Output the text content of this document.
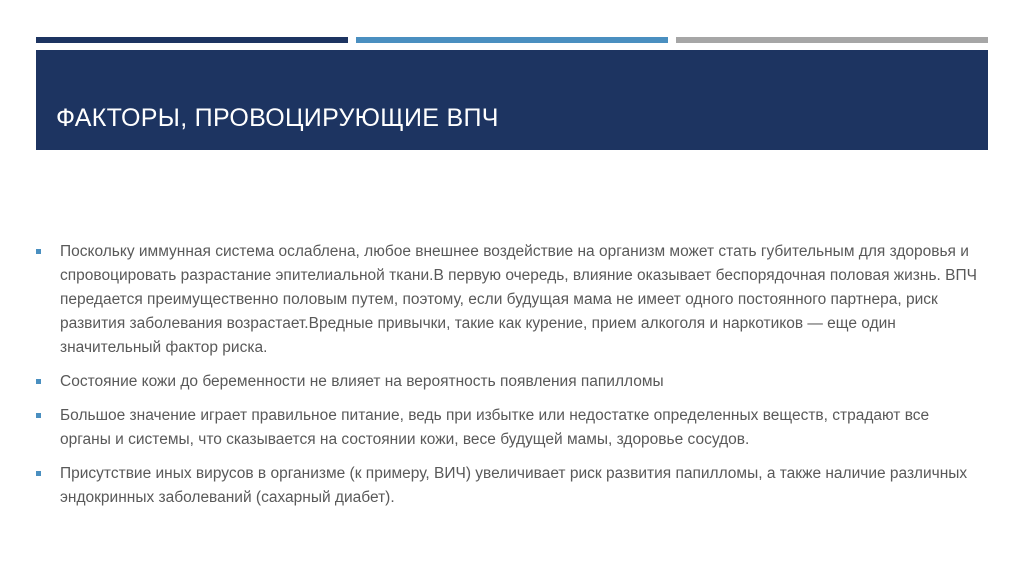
ФАКТОРЫ, ПРОВОЦИРУЮЩИЕ ВПЧ
Поскольку иммунная система ослаблена, любое внешнее воздействие на организм может стать губительным для здоровья и спровоцировать разрастание эпителиальной ткани.В первую очередь, влияние оказывает беспорядочная половая жизнь. ВПЧ передается преимущественно половым путем, поэтому, если будущая мама не имеет одного постоянного партнера, риск развития заболевания возрастает.Вредные привычки, такие как курение, прием алкоголя и наркотиков — еще один значительный фактор риска.
Состояние кожи до беременности не влияет на вероятность появления папилломы
Большое значение играет правильное питание, ведь при избытке или недостатке определенных веществ, страдают все органы и системы, что сказывается на состоянии кожи, весе будущей мамы, здоровье сосудов.
Присутствие иных вирусов в организме (к примеру, ВИЧ) увеличивает риск развития папилломы, а также наличие различных эндокринных заболеваний (сахарный диабет).
